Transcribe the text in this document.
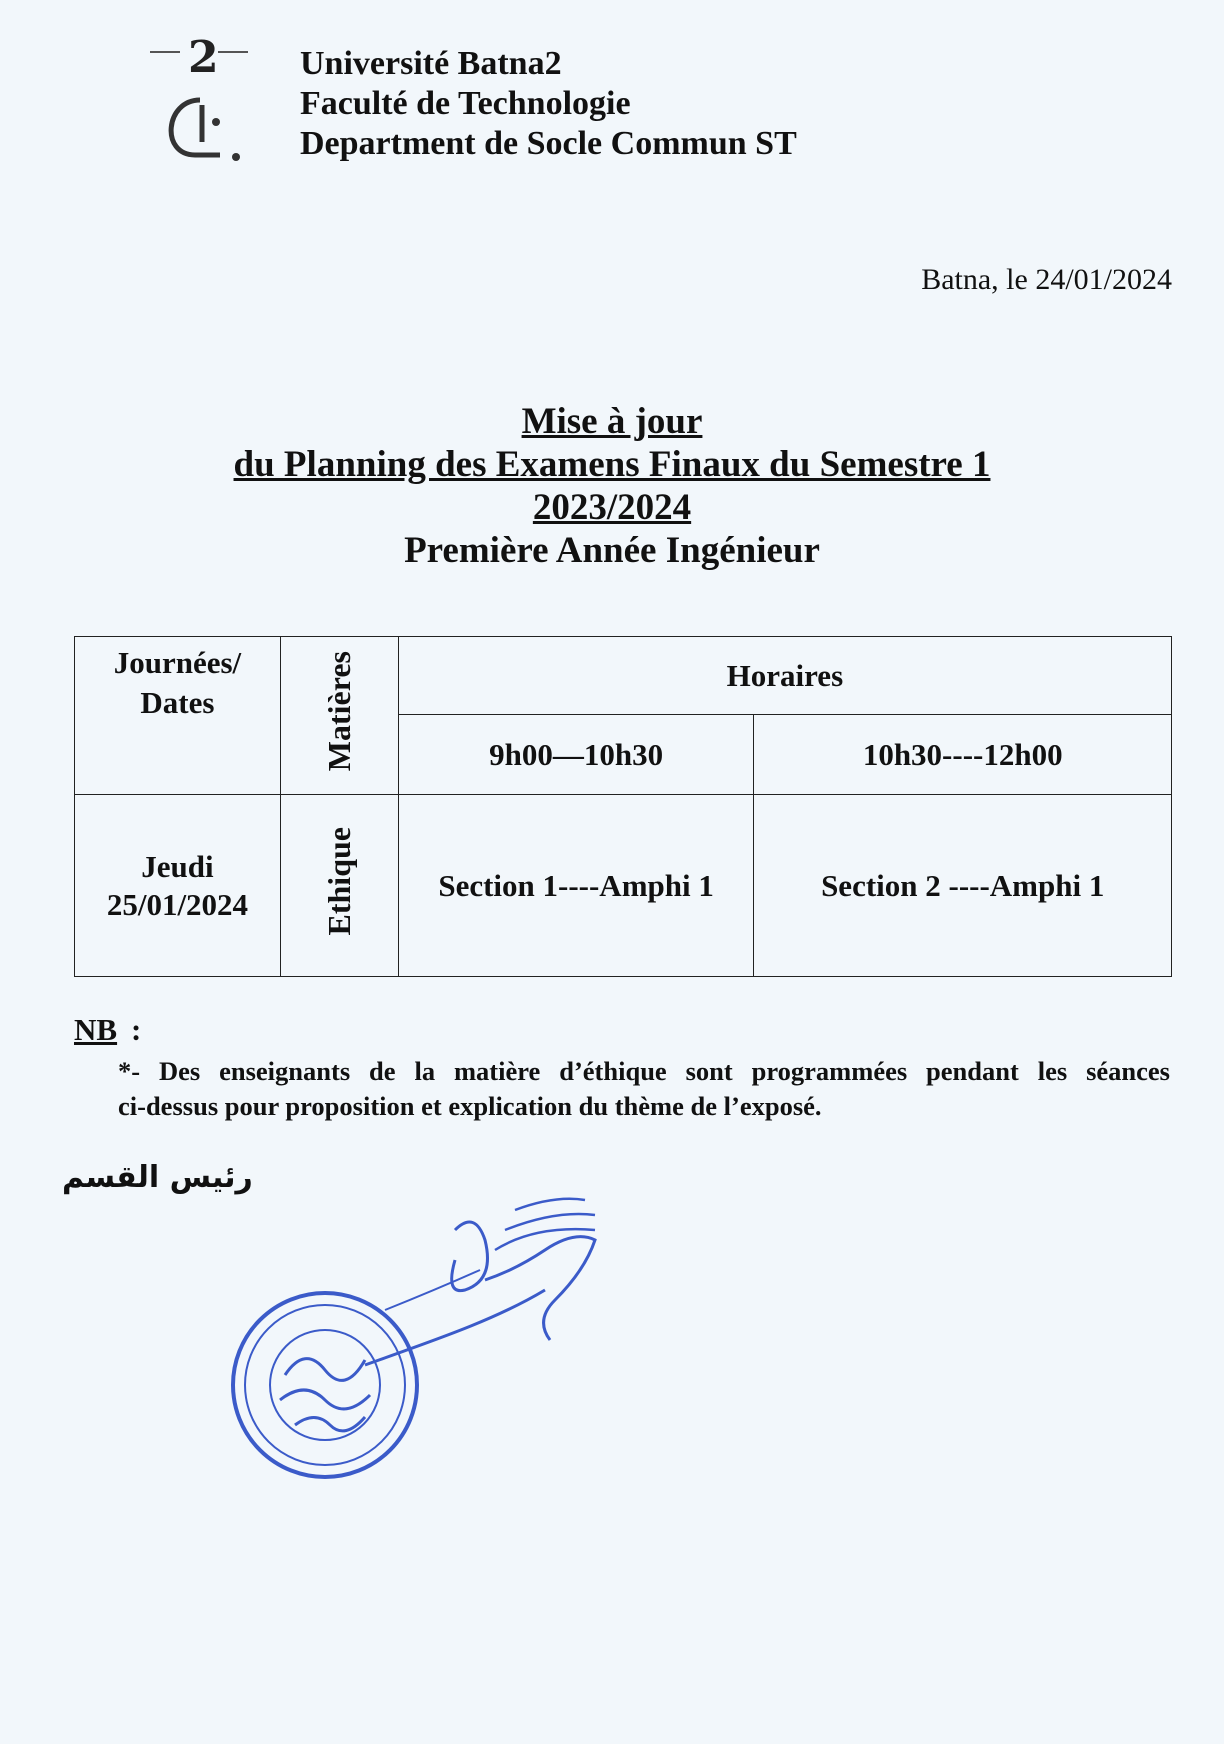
2 Université Batna2
Faculté de Technologie
Department de Socle Commun ST
Batna, le 24/01/2024
Mise à jour
du Planning des Examens Finaux du Semestre 1
2023/2024
Première Année Ingénieur
Journées/
Dates	Matières	Horaires	
		9h00—10h30	10h30----12h00

Jeudi
25/01/2024	Ethique	Section 1----Amphi 1	Section 2 ----Amphi 1
NB :
*- Des enseignants de la matière d’éthique sont programmées pendant les séances
ci-dessus pour proposition et explication du thème de l’exposé.
رئيس القسم
